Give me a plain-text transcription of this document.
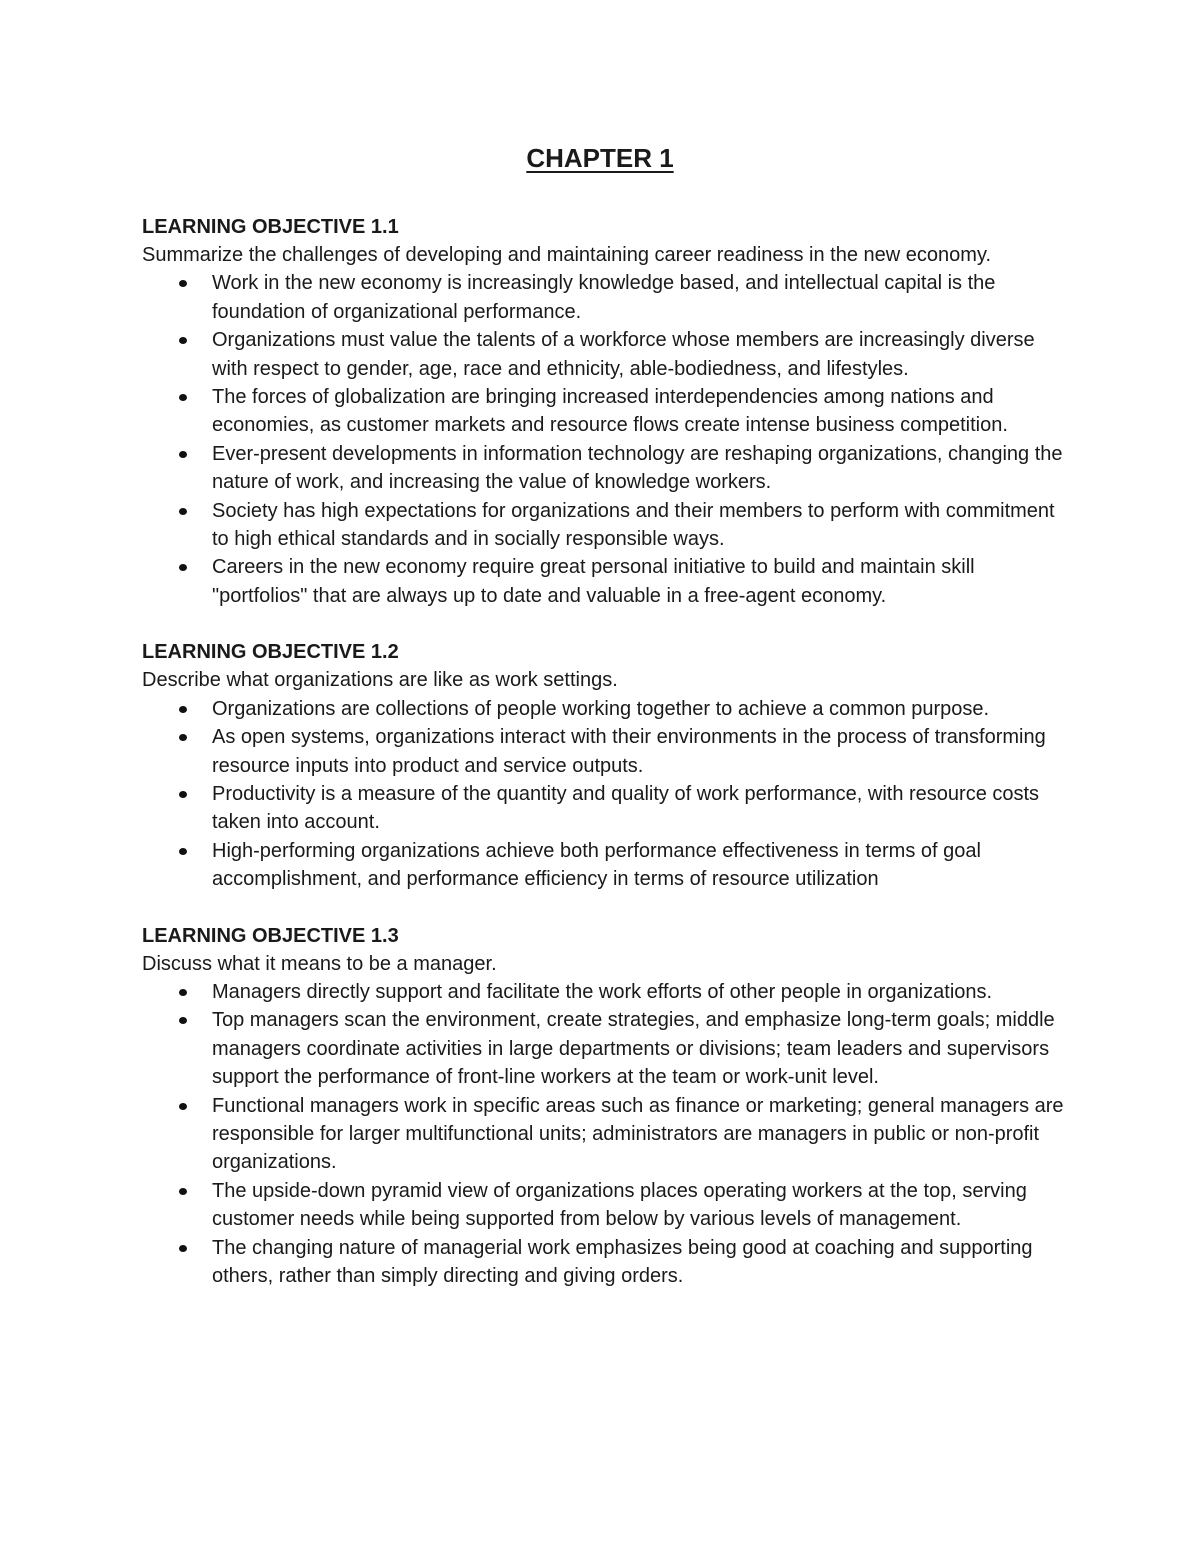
CHAPTER 1

LEARNING OBJECTIVE 1.1

Summarize the challenges of developing and maintaining career readiness in the new economy.

Work in the new economy is increasingly knowledge based, and intellectual capital is the foundation of organizational performance.
Organizations must value the talents of a workforce whose members are increasingly diverse with respect to gender, age, race and ethnicity, able-bodiedness, and lifestyles.
The forces of globalization are bringing increased interdependencies among nations and economies, as customer markets and resource flows create intense business competition.
Ever-present developments in information technology are reshaping organizations, changing the nature of work, and increasing the value of knowledge workers.
Society has high expectations for organizations and their members to perform with commitment to high ethical standards and in socially responsible ways.
Careers in the new economy require great personal initiative to build and maintain skill "portfolios" that are always up to date and valuable in a free-agent economy.

LEARNING OBJECTIVE 1.2

Describe what organizations are like as work settings.

Organizations are collections of people working together to achieve a common purpose.
As open systems, organizations interact with their environments in the process of transforming resource inputs into product and service outputs.
Productivity is a measure of the quantity and quality of work performance, with resource costs taken into account.
High-performing organizations achieve both performance effectiveness in terms of goal accomplishment, and performance efficiency in terms of resource utilization

LEARNING OBJECTIVE 1.3

Discuss what it means to be a manager.

Managers directly support and facilitate the work efforts of other people in organizations.
Top managers scan the environment, create strategies, and emphasize long-term goals; middle managers coordinate activities in large departments or divisions; team leaders and supervisors support the performance of front-line workers at the team or work-unit level.
Functional managers work in specific areas such as finance or marketing; general managers are responsible for larger multifunctional units; administrators are managers in public or non-profit organizations.
The upside-down pyramid view of organizations places operating workers at the top, serving customer needs while being supported from below by various levels of management.
The changing nature of managerial work emphasizes being good at coaching and supporting others, rather than simply directing and giving orders.
